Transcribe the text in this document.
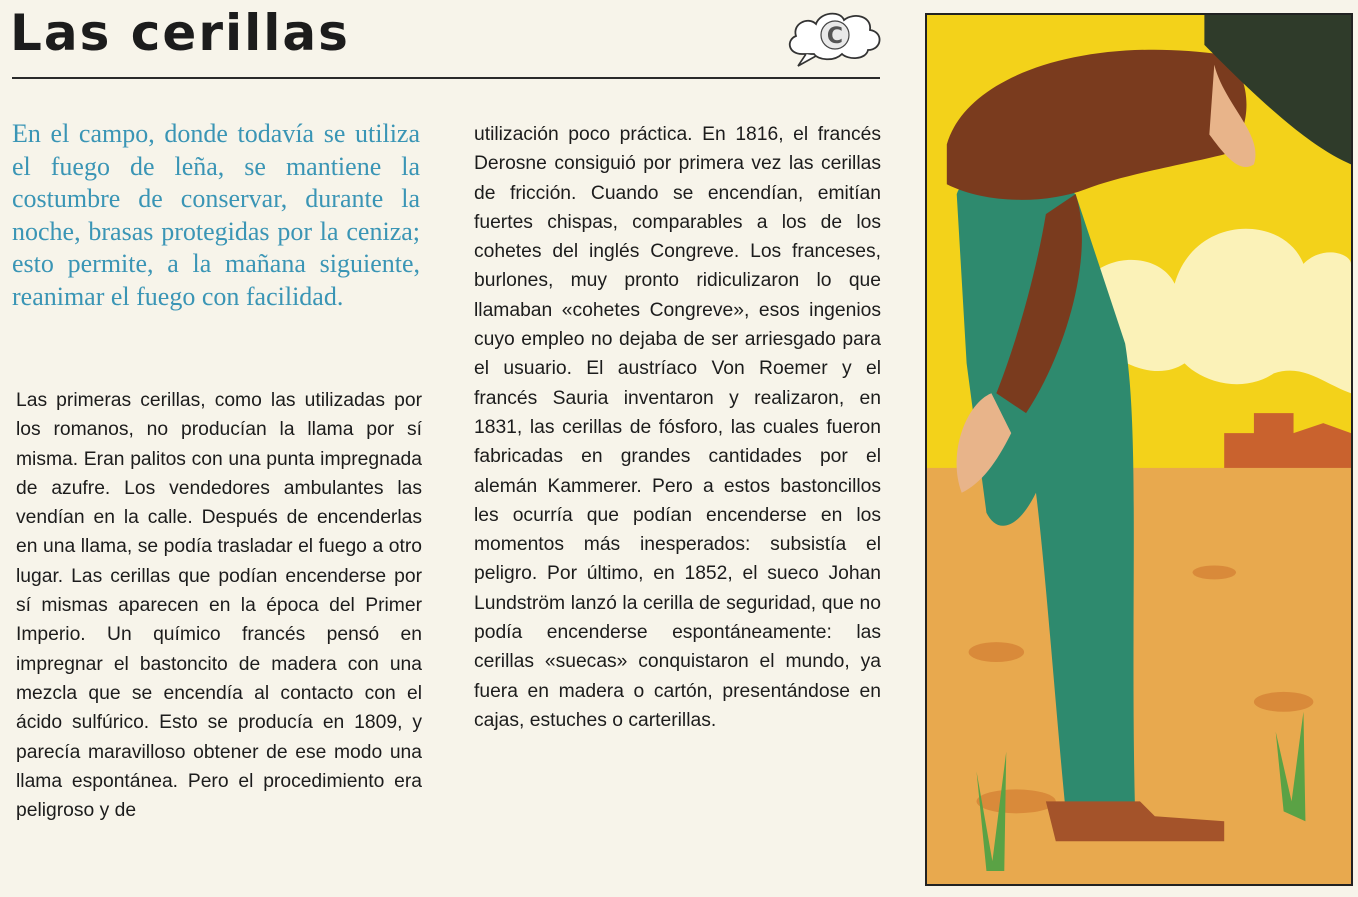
Las cerillas	C

En el campo, donde todavía se utiliza el fuego de leña, se mantiene la costumbre de conservar, durante la noche, brasas protegidas por la ceniza; esto permite, a la mañana siguiente, reanimar el fuego con facilidad.

Las primeras cerillas, como las utilizadas por los romanos, no producían la llama por sí misma. Eran palitos con una punta impregnada de azufre. Los vendedores ambulantes las vendían en la calle. Después de encenderlas en una llama, se podía trasladar el fuego a otro lugar. Las cerillas que podían encenderse por sí mismas aparecen en la época del Primer Imperio. Un químico francés pensó en impregnar el bastoncito de madera con una mezcla que se encendía al contacto con el ácido sulfúrico. Esto se producía en 1809, y parecía maravilloso obtener de ese modo una llama espontánea. Pero el procedimiento era peligroso y de

utilización poco práctica. En 1816, el francés Derosne consiguió por primera vez las cerillas de fricción. Cuando se encendían, emitían fuertes chispas, comparables a los de los cohetes del inglés Congreve. Los franceses, burlones, muy pronto ridiculizaron lo que llamaban «cohetes Congreve», esos ingenios cuyo empleo no dejaba de ser arriesgado para el usuario. El austríaco Von Roemer y el francés Sauria inventaron y realizaron, en 1831, las cerillas de fósforo, las cuales fueron fabricadas en grandes cantidades por el alemán Kammerer. Pero a estos bastoncillos les ocurría que podían encenderse en los momentos más inesperados: subsistía el peligro. Por último, en 1852, el sueco Johan Lundström lanzó la cerilla de seguridad, que no podía encenderse espontáneamente: las cerillas «suecas» conquistaron el mundo, ya fuera en madera o cartón, presentándose en cajas, estuches o carterillas.
